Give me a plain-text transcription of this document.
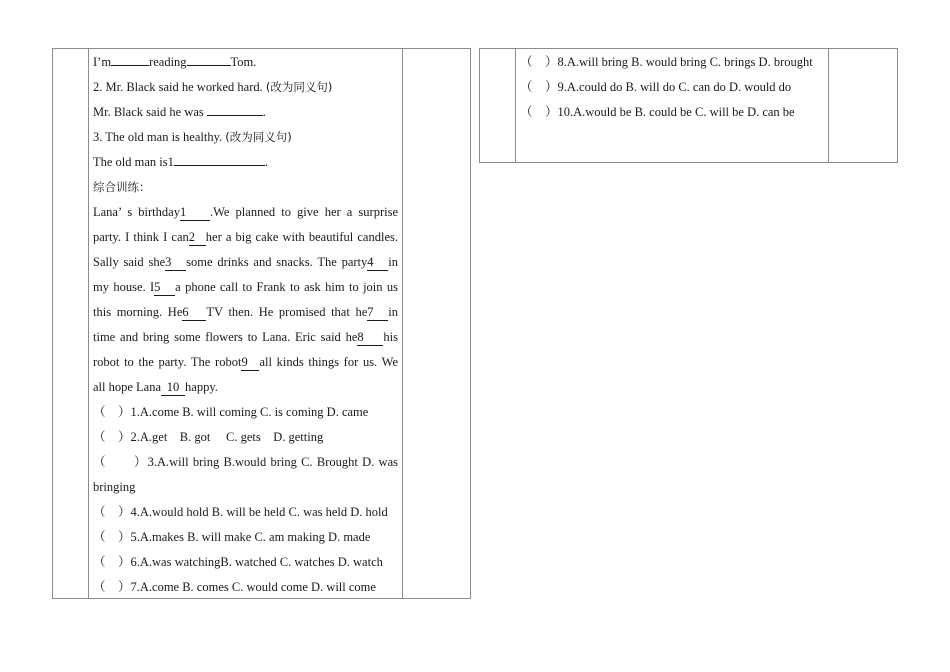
I’m	reading	Tom.
2. Mr. Black said he worked hard. (改为同义句)
Mr. Black said he was	.
3. The old man is healthy. (改为同义句)
The old man is1	.
综合训练：
Lana’ s birthday1 .We planned to give her a surprise
party. I think I can2 her a big cake with beautiful candles.
Sally said she3 some drinks and snacks. The party4 in
my house. I5 a phone call to Frank to ask him to join us
this morning. He6 TV then. He promised that he7 in
time and bring some flowers to Lana. Eric said he8 his
robot to the party. The robot9 all kinds things for us. We
all hope Lana 10 happy.
（　）1.A.come B. will coming C. is coming D. came
（　）2.A.get　B. got　 C. gets　D. getting
（　　）3.A.will bring B.would bring C. Brought D. was
bringing
（　）4.A.would hold B. will be held C. was held D. hold
（　）5.A.makes B. will make C. am making D. made
（　）6.A.was watchingB. watched C. watches D. watch
（　）7.A.come B. comes C. would come D. will come
（　）8.A.will bring B. would bring C. brings D. brought
（　）9.A.could do B. will do C. can do D. would do
（　）10.A.would be B. could be C. will be D. can be
